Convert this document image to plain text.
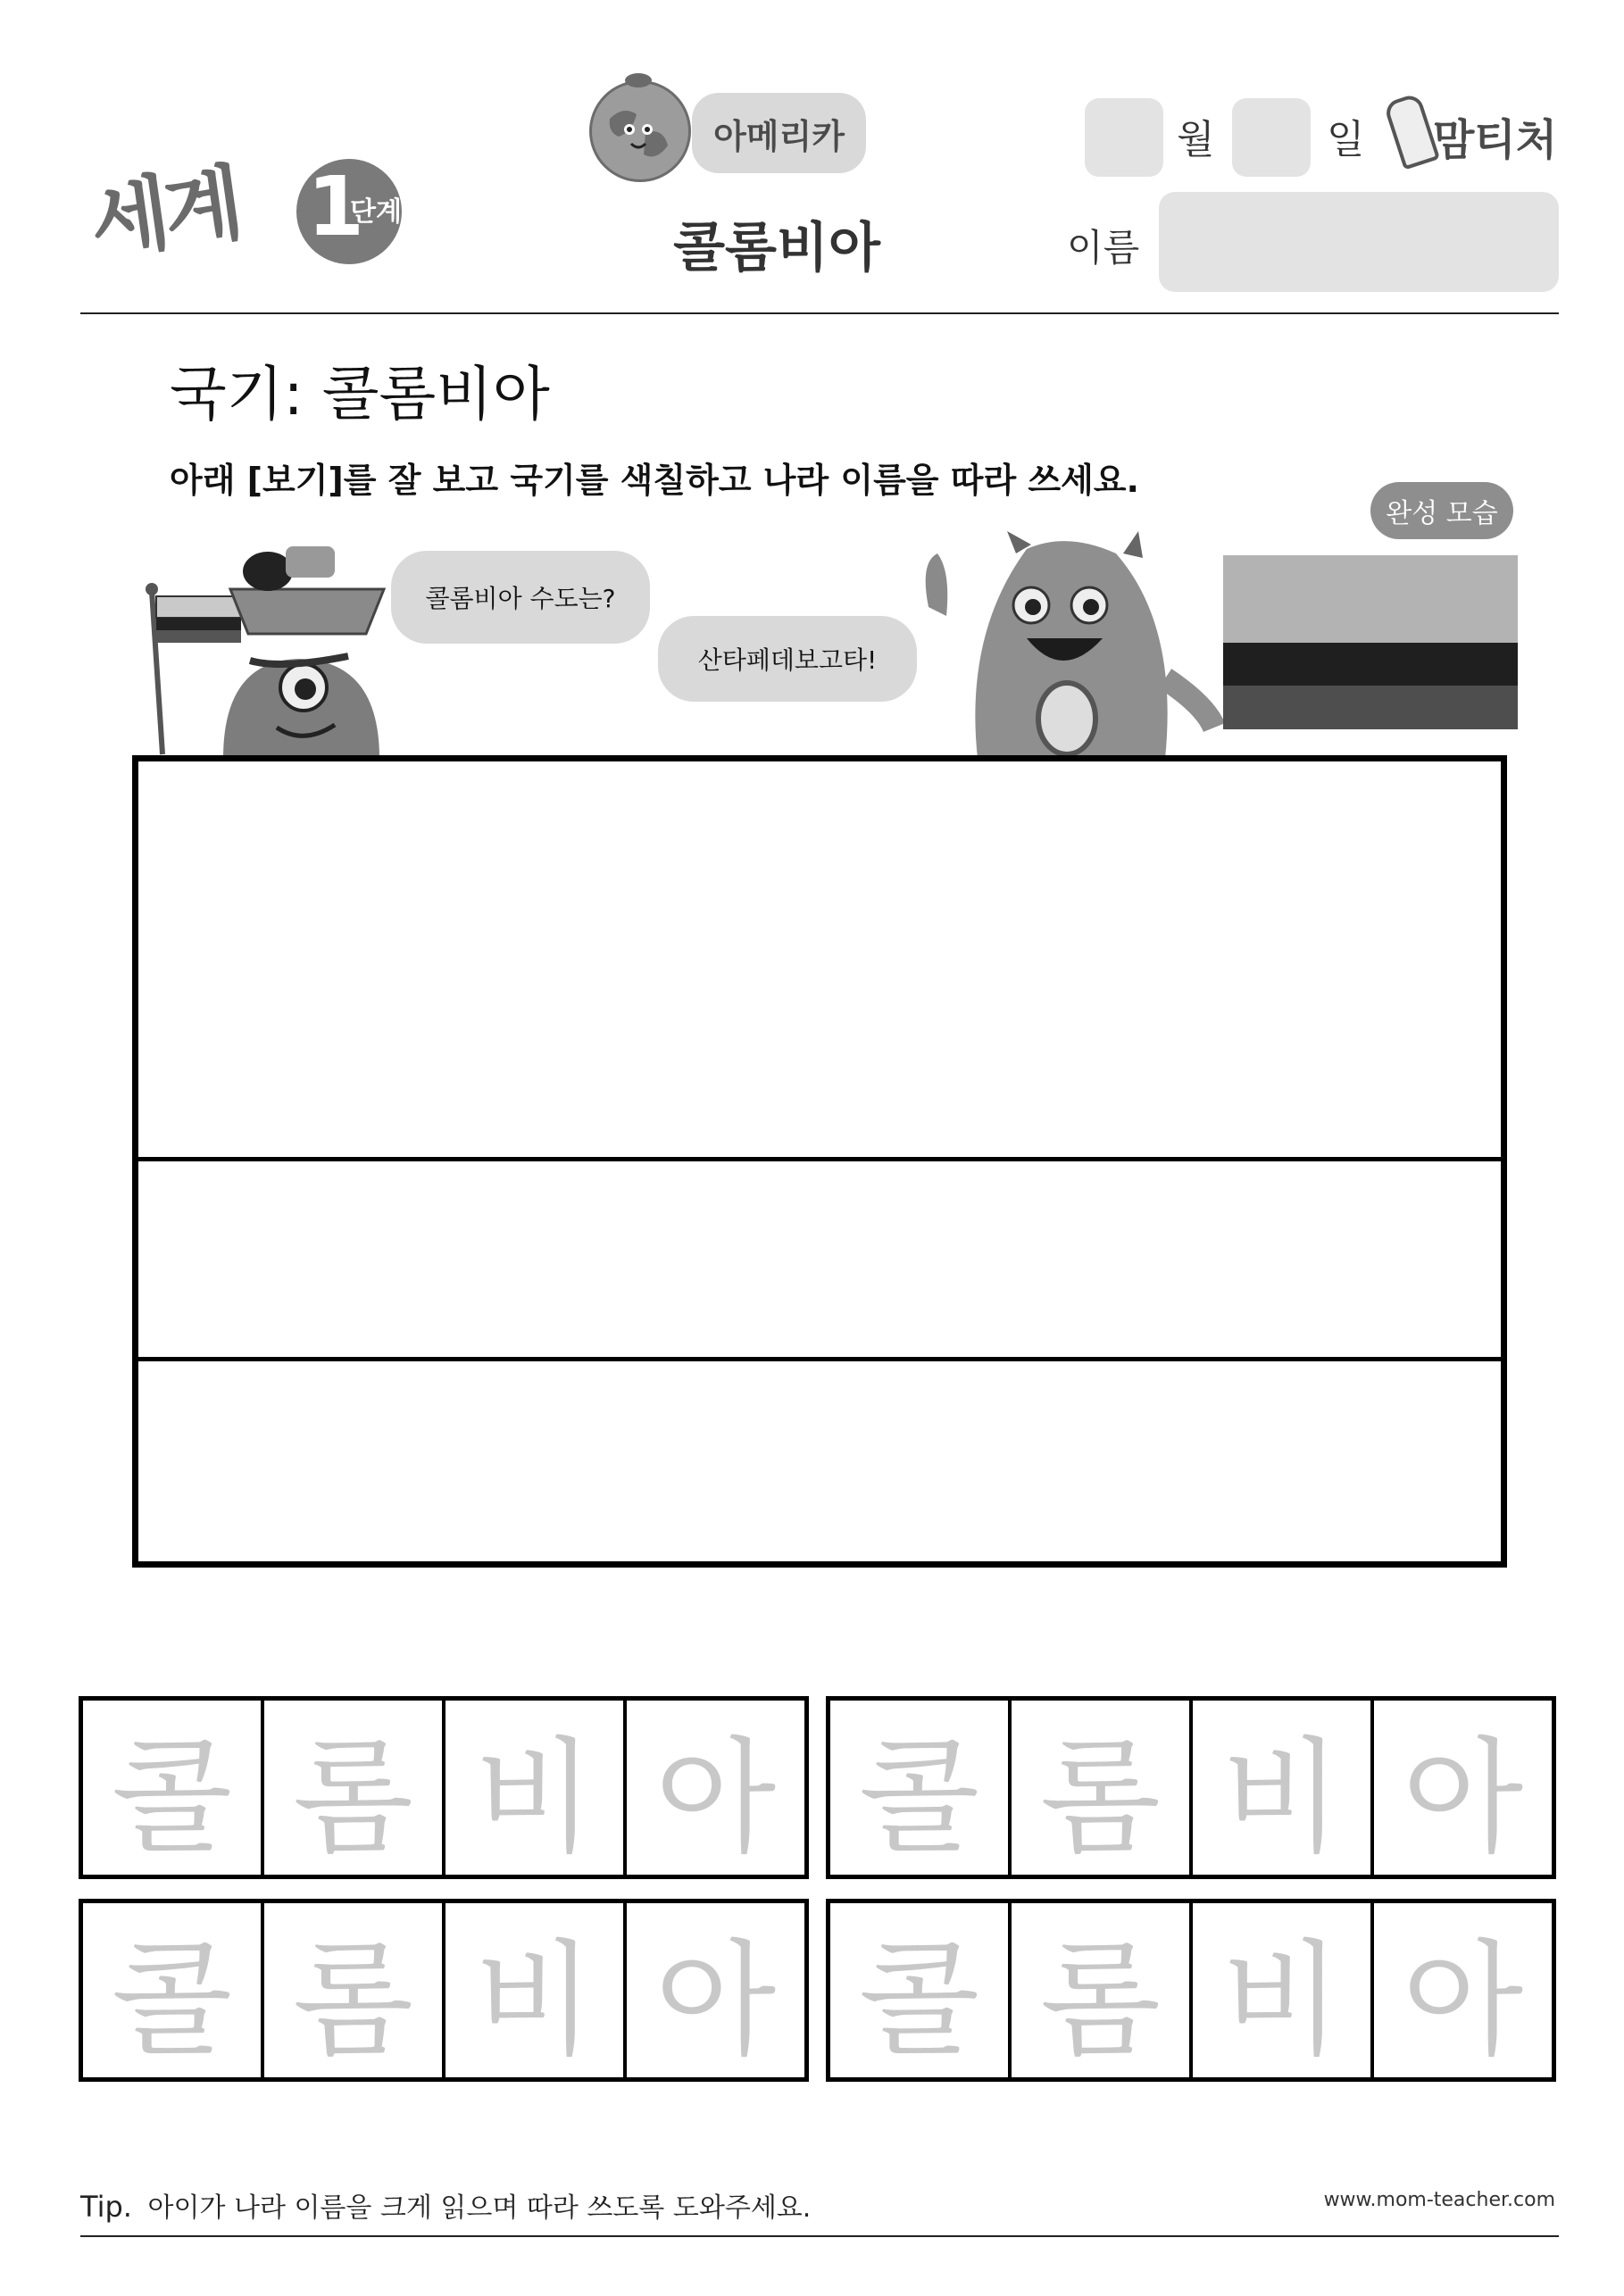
세계 1
단계
아메리카
콜롬비아
월	일 맘티처
이름
국기: 콜롬비아
아래 [보기]를 잘 보고 국기를 색칠하고 나라 이름을 따라 쓰세요.
콜롬비아 수도는?
산타페데보고타!
완성 모습
콜 롬 비 아 콜 롬 비 아
콜 롬 비 아 콜 롬 비 아
Tip. 아이가 나라 이름을 크게 읽으며 따라 쓰도록 도와주세요.	www.mom-teacher.com
